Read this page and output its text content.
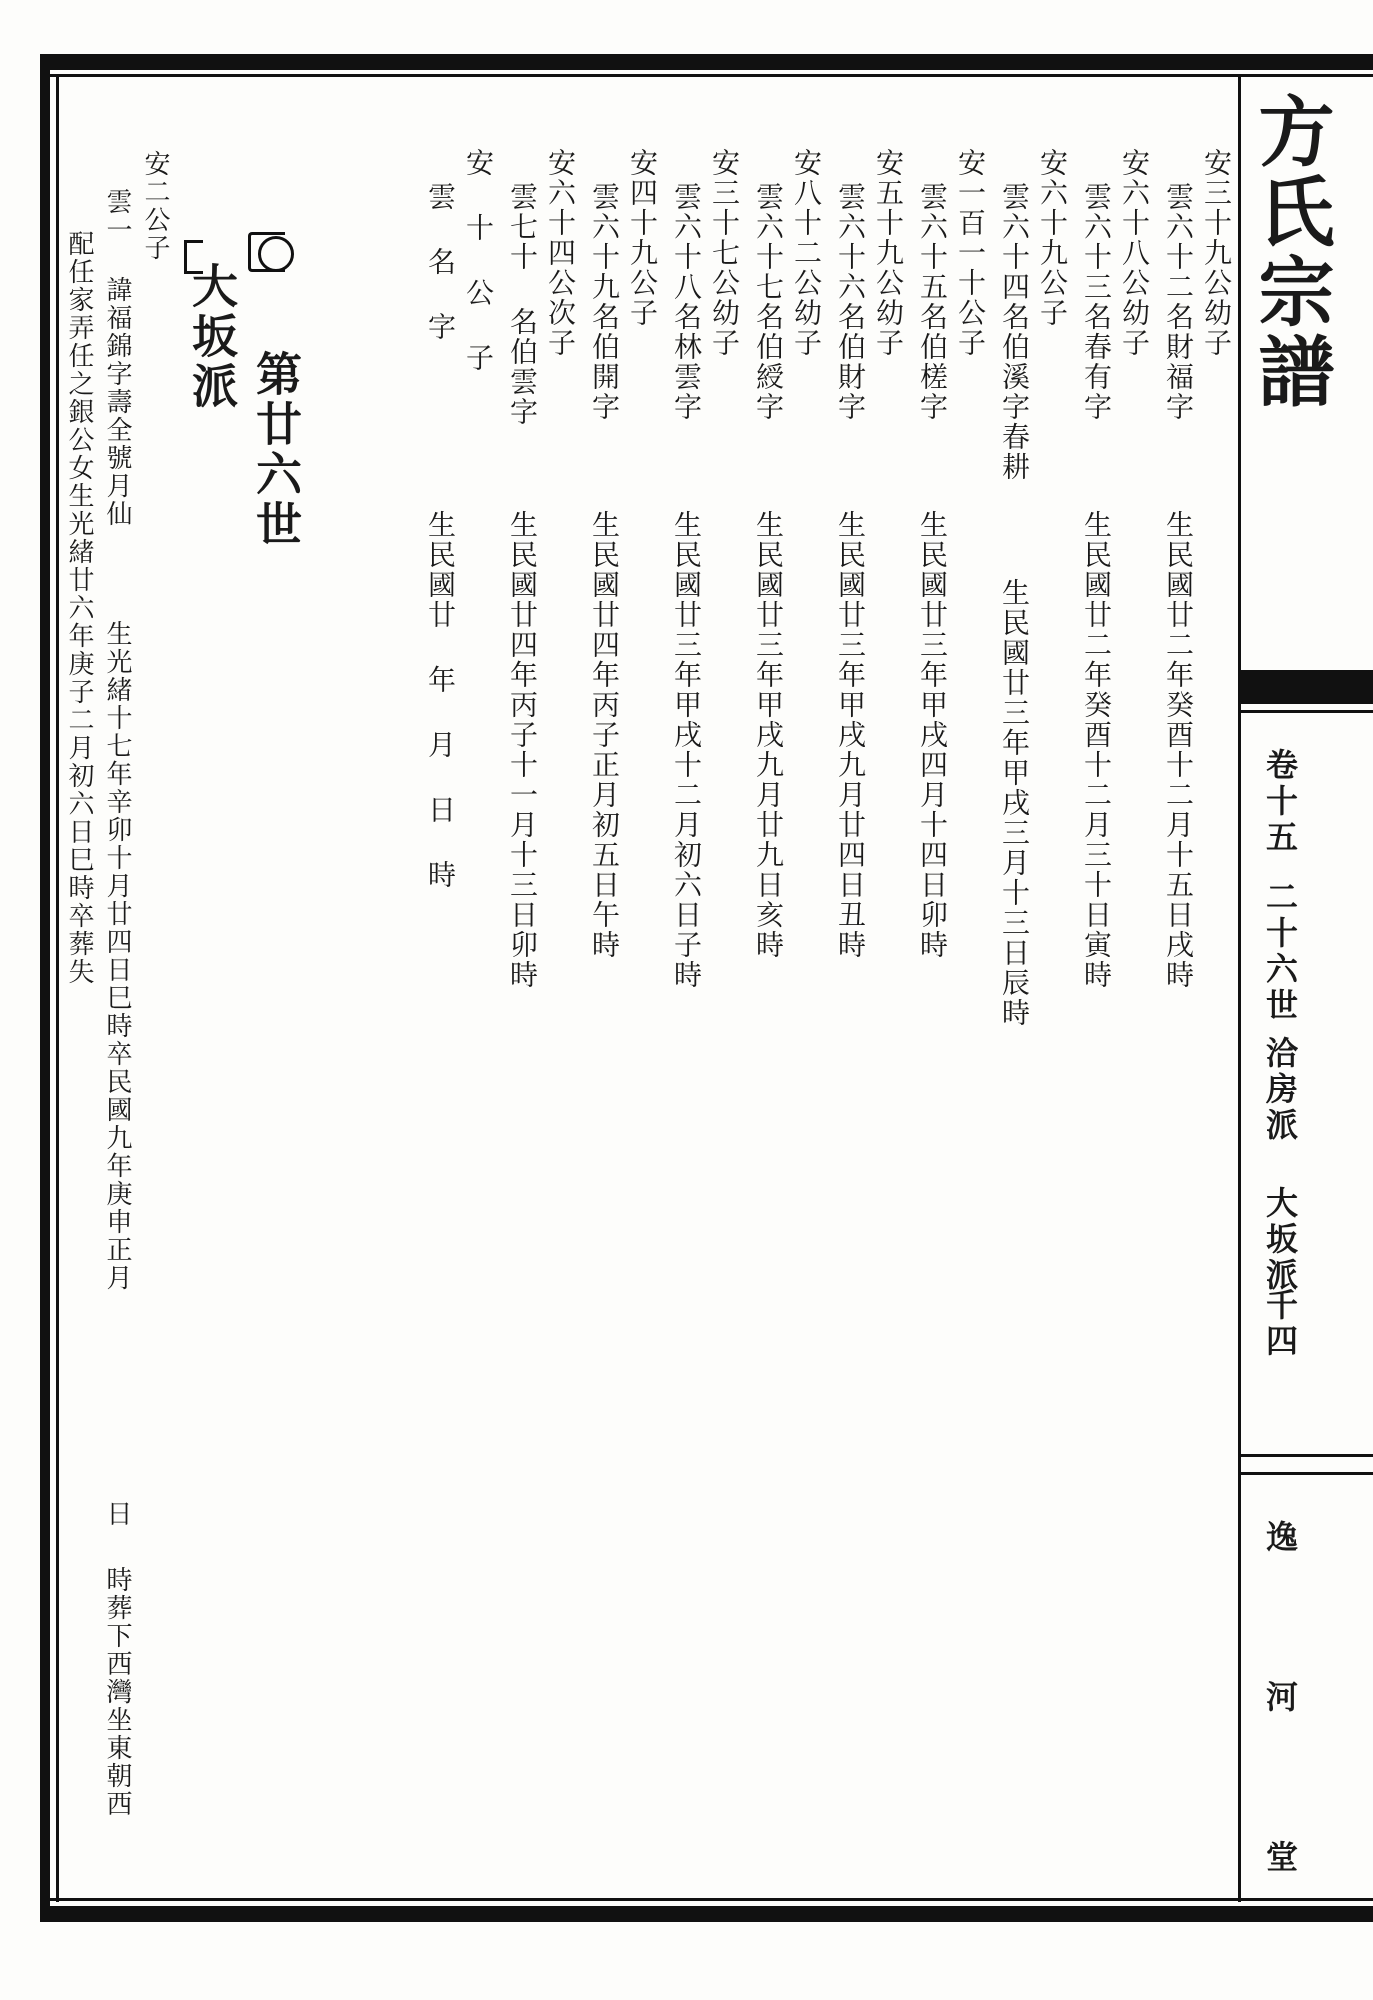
方氏宗譜
卷十五
二十六世
洽房派 大坂派
千四
逸
河
堂
安三十九公幼子
雲六十二名財福字
生民國廿二年癸酉十二月十五日戌時
安六十八公幼子
雲六十三名春有字
生民國廿二年癸酉十二月三十日寅時
安六十九公子
雲六十四名伯溪字春耕
生民國廿三年甲戌三月十三日辰時
安一百一十公子
雲六十五名伯槎字
生民國廿三年甲戌四月十四日卯時
安五十九公幼子
雲六十六名伯財字
生民國廿三年甲戌九月廿四日丑時
安八十二公幼子
雲六十七名伯綬字
生民國廿三年甲戌九月廿九日亥時
安三十七公幼子
雲六十八名林雲字
生民國廿三年甲戌十二月初六日子時
安四十九公子
雲六十九名伯開字
生民國廿四年丙子正月初五日午時
安六十四公次子
雲七十 名伯雲字
生民國廿四年丙子十一月十三日卯時
安 十 公 子
雲 名 字
生民國廿 年 月 日 時
第廿六世
大坂派
安二公子
雲一 諱福錦字壽全號月仙
生光緒十七年辛卯十月廿四日巳時卒民國九年庚申正月
日
時葬下西灣坐東朝西
配任家弄任之銀公女生光緒廿六年庚子二月初六日巳時卒葬失
